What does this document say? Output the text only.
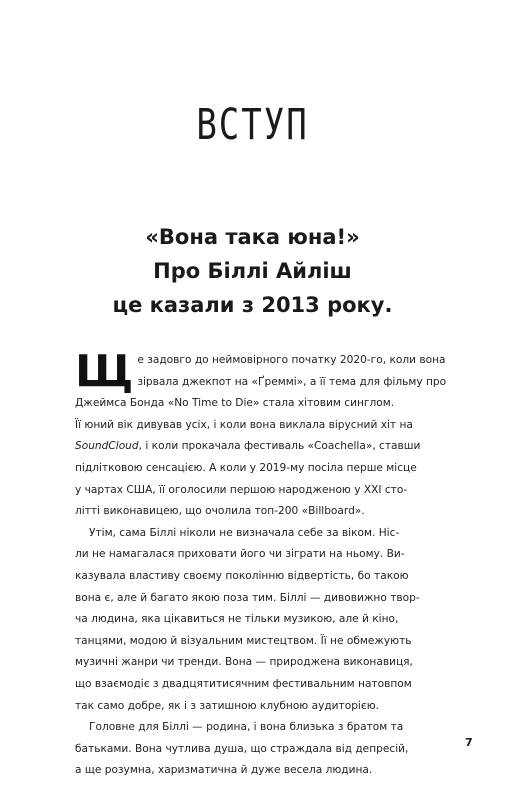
ВСТУП
«Вона така юна!»
Про Біллі Айліш
це казали з 2013 року.
Щ е задовго до неймовірного початку 2020-го, коли вона
зірвала джекпот на «Ґреммі», а її тема для фільму про
Джеймса Бонда «No Time to Die» стала хітовим синглом.
Її юний вік дивував усіх, і коли вона виклала вірусний хіт на
SoundCloud, і коли прокачала фестиваль «Coachella», ставши
підлітковою сенсацією. А коли у 2019-му посіла перше місце
у чартах США, її оголосили першою народженою у XXI сто-
літті виконавицею, що очолила топ-200 «Billboard».
Утім, сама Біллі ніколи не визначала себе за віком. Ніс-
ли не намагалася приховати його чи зіграти на ньому. Ви-
казувала властиву своєму поколінню відвертість, бо такою
вона є, але й багато якою поза тим. Біллі — дивовижно твор-
ча людина, яка цікавиться не тільки музикою, але й кіно,
танцями, модою й візуальним мистецтвом. Її не обмежують
музичні жанри чи тренди. Вона — природжена виконавиця,
що взаємодіє з двадцятитисячним фестивальним натовпом
так само добре, як і з затишною клубною аудиторією.
Головне для Біллі — родина, і вона близька з братом та
батьками. Вона чутлива душа, що страждала від депресій,
а ще розумна, харизматична й дуже весела людина.
7
